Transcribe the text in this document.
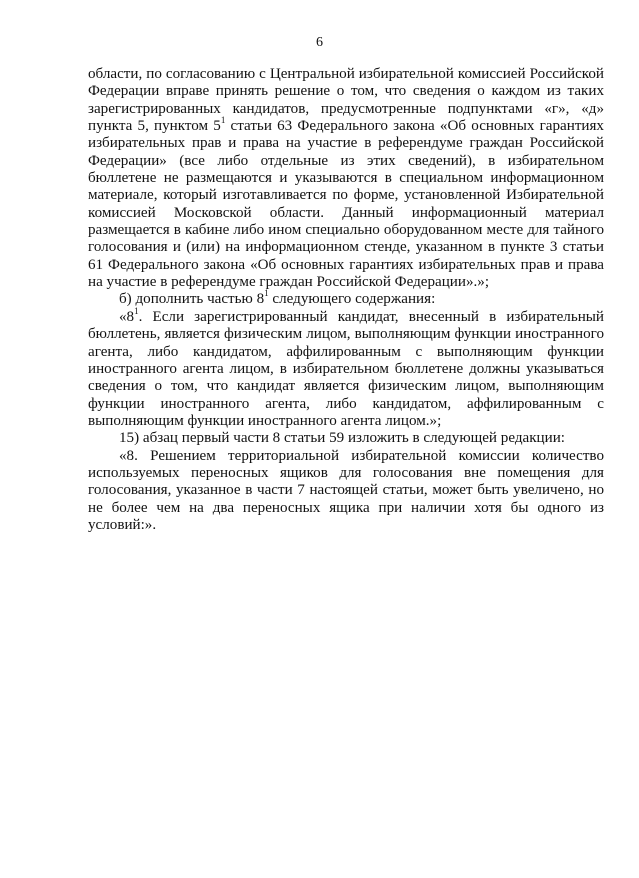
6

области, по согласованию с Центральной избирательной комиссией Российской Федерации вправе принять решение о том, что сведения о каждом из таких зарегистрированных кандидатов, предусмотренные подпунктами «г», «д» пункта 5, пунктом $5^1$ статьи 63 Федерального закона «Об основных гарантиях избирательных прав и права на участие в референдуме граждан Российской Федерации» (все либо отдельные из этих сведений), в избирательном бюллетене не размещаются и указываются в специальном информационном материале, который изготавливается по форме, установленной Избирательной комиссией Московской области. Данный информационный материал размещается в кабине либо ином специально оборудованном месте для тайного голосования и (или) на информационном стенде, указанном в пункте 3 статьи 61 Федерального закона «Об основных гарантиях избирательных прав и права на участие в референдуме граждан Российской Федерации».»;

б) дополнить частью $8^1$ следующего содержания:

«$8^1$. Если зарегистрированный кандидат, внесенный в избирательный бюллетень, является физическим лицом, выполняющим функции иностранного агента, либо кандидатом, аффилированным с выполняющим функции иностранного агента лицом, в избирательном бюллетене должны указываться сведения о том, что кандидат является физическим лицом, выполняющим функции иностранного агента, либо кандидатом, аффилированным с выполняющим функции иностранного агента лицом.»;

15) абзац первый части 8 статьи 59 изложить в следующей редакции:

«8. Решением территориальной избирательной комиссии количество используемых переносных ящиков для голосования вне помещения для голосования, указанное в части 7 настоящей статьи, может быть увеличено, но не более чем на два переносных ящика при наличии хотя бы одного из условий:».
